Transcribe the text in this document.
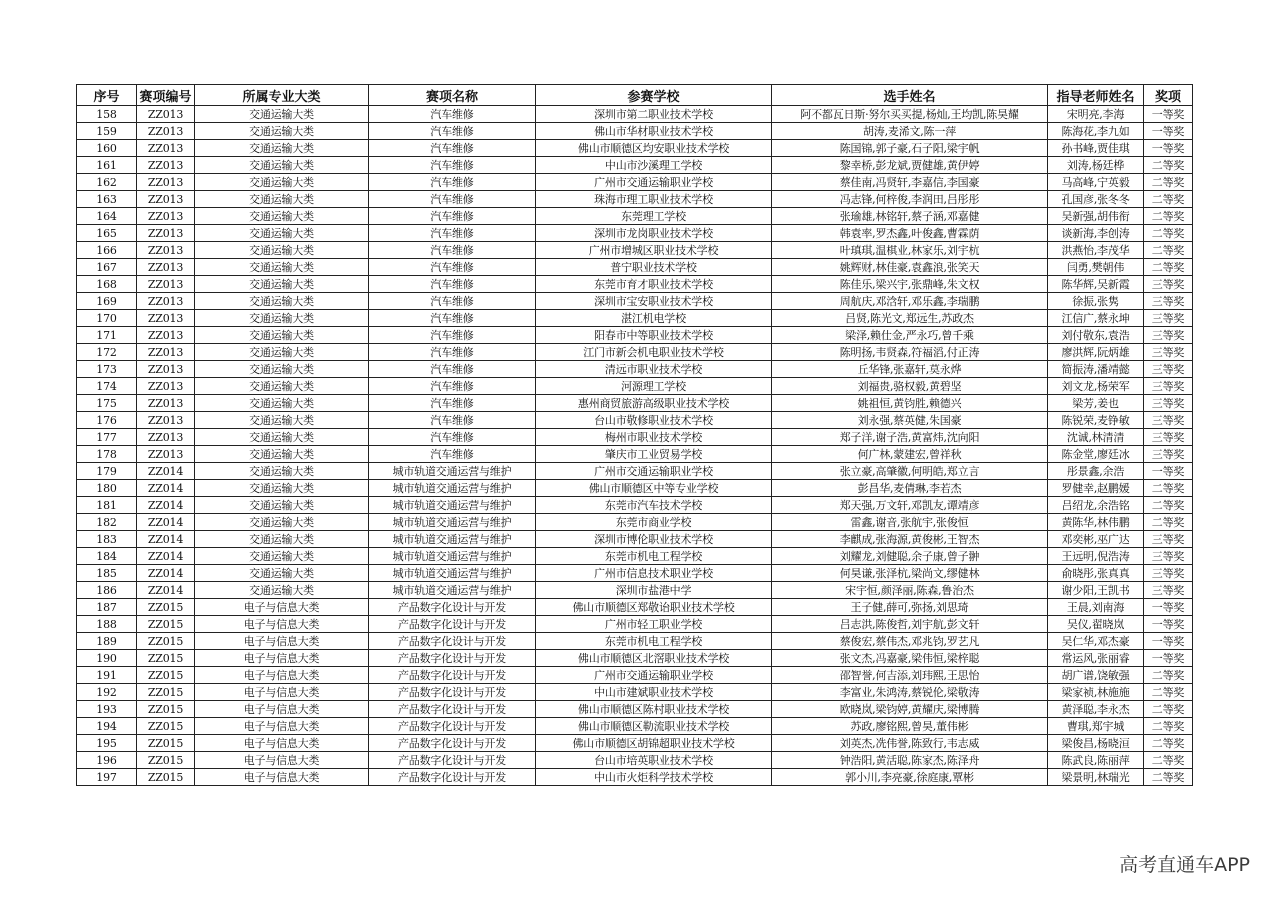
序号	赛项编号	所属专业大类	赛项名称	参赛学校	选手姓名	指导老师姓名	奖项
158	ZZ013	交通运输大类	汽车维修	深圳市第二职业技术学校	阿不都瓦日斯·努尔买买提,杨灿,王均凯,陈昊耀	宋明亮,李海	一等奖
159	ZZ013	交通运输大类	汽车维修	佛山市华材职业技术学校	胡涛,麦浠文,陈一萍	陈海花,李九如	一等奖
160	ZZ013	交通运输大类	汽车维修	佛山市顺德区均安职业技术学校	陈国锦,郭子豪,石子阳,梁宇帆	孙书峰,贾佳琪	一等奖
161	ZZ013	交通运输大类	汽车维修	中山市沙溪理工学校	黎幸桥,彭龙斌,贾健雄,黄伊婷	刘涛,杨廷桦	二等奖
162	ZZ013	交通运输大类	汽车维修	广州市交通运输职业学校	蔡佳南,冯贤轩,李嘉信,李国豪	马高峰,宁英毅	二等奖
163	ZZ013	交通运输大类	汽车维修	珠海市理工职业技术学校	冯志锋,何梓俊,李润田,吕彤彤	孔国彦,张冬冬	二等奖
164	ZZ013	交通运输大类	汽车维修	东莞理工学校	张瑜雄,林铭轩,蔡子涵,邓嘉健	吴新强,胡伟衔	二等奖
165	ZZ013	交通运输大类	汽车维修	深圳市龙岗职业技术学校	韩袁率,罗杰鑫,叶俊鑫,曹霖荫	谈新海,李创涛	二等奖
166	ZZ013	交通运输大类	汽车维修	广州市增城区职业技术学校	叶瑱琪,温棋业,林家乐,刘宇杭	洪燕怡,李茂华	二等奖
167	ZZ013	交通运输大类	汽车维修	普宁职业技术学校	姚辉财,林佳豪,袁鑫浪,张笑天	闫勇,樊朝伟	二等奖
168	ZZ013	交通运输大类	汽车维修	东莞市育才职业技术学校	陈佳乐,梁兴宇,张鼎峰,朱文权	陈华辉,吴新霞	三等奖
169	ZZ013	交通运输大类	汽车维修	深圳市宝安职业技术学校	周航庆,邓浛轩,邓乐鑫,李瑞鹏	徐振,张隽	三等奖
170	ZZ013	交通运输大类	汽车维修	湛江机电学校	吕贤,陈光文,郑远生,苏政杰	江信广,蔡永坤	三等奖
171	ZZ013	交通运输大类	汽车维修	阳春市中等职业技术学校	梁泽,赖仕金,严永巧,曾千乘	刘付敬东,袁浩	三等奖
172	ZZ013	交通运输大类	汽车维修	江门市新会机电职业技术学校	陈明扬,韦贤森,符福滔,付正涛	廖洪辉,阮炳雄	三等奖
173	ZZ013	交通运输大类	汽车维修	清远市职业技术学校	丘华锋,张嘉轩,莫永烨	简振涛,潘靖懿	三等奖
174	ZZ013	交通运输大类	汽车维修	河源理工学校	刘福贵,骆权毅,黄碧坚	刘文龙,杨荣军	三等奖
175	ZZ013	交通运输大类	汽车维修	惠州商贸旅游高级职业技术学校	姚祖恒,黄钧胜,赖德兴	梁芳,姜也	三等奖
176	ZZ013	交通运输大类	汽车维修	台山市敬修职业技术学校	刘永强,蔡英健,朱国豪	陈锐荣,麦铮敏	三等奖
177	ZZ013	交通运输大类	汽车维修	梅州市职业技术学校	郑子洋,谢子浩,黄富炜,沈向阳	沈诚,林清清	三等奖
178	ZZ013	交通运输大类	汽车维修	肇庆市工业贸易学校	何广林,蒙建宏,曾祥秋	陈金堂,廖廷冰	三等奖
179	ZZ014	交通运输大类	城市轨道交通运营与维护	广州市交通运输职业学校	张立豪,高肇徽,何明皓,郑立言	彤景鑫,余浩	一等奖
180	ZZ014	交通运输大类	城市轨道交通运营与维护	佛山市顺德区中等专业学校	彭昌华,麦倩琳,李若杰	罗健幸,赵鹏媛	二等奖
181	ZZ014	交通运输大类	城市轨道交通运营与维护	东莞市汽车技术学校	郑天强,万文轩,邓凯友,谭靖彦	吕绍龙,余浩铭	二等奖
182	ZZ014	交通运输大类	城市轨道交通运营与维护	东莞市商业学校	雷鑫,谢音,张航宇,张俊恒	黄陈华,林伟鹏	二等奖
183	ZZ014	交通运输大类	城市轨道交通运营与维护	深圳市博伦职业技术学校	李麒成,张海源,黄俊彬,王智杰	邓奕彬,巫广达	三等奖
184	ZZ014	交通运输大类	城市轨道交通运营与维护	东莞市机电工程学校	刘耀龙,刘健聪,余子康,曾子翀	王远明,倪浩涛	三等奖
185	ZZ014	交通运输大类	城市轨道交通运营与维护	广州市信息技术职业学校	何昊谦,张泽杭,梁尚文,缪健林	俞晓彤,张真真	三等奖
186	ZZ014	交通运输大类	城市轨道交通运营与维护	深圳市盐港中学	宋宇恒,颜泽丽,陈森,鲁治杰	谢少阳,王凯书	三等奖
187	ZZ015	电子与信息大类	产品数字化设计与开发	佛山市顺德区郑敬诒职业技术学校	王子健,薛可,弥扬,刘思琦	王晨,刘南海	一等奖
188	ZZ015	电子与信息大类	产品数字化设计与开发	广州市轻工职业学校	吕志洪,陈俊哲,刘宇航,彭文轩	吴仪,翟晓岚	一等奖
189	ZZ015	电子与信息大类	产品数字化设计与开发	东莞市机电工程学校	蔡俊宏,蔡伟杰,邓兆钧,罗艺凡	吴仁华,邓杰豪	一等奖
190	ZZ015	电子与信息大类	产品数字化设计与开发	佛山市顺德区北滘职业技术学校	张文杰,冯嘉豪,梁伟恒,梁梓聪	常运风,张丽睿	一等奖
191	ZZ015	电子与信息大类	产品数字化设计与开发	广州市交通运输职业学校	邵智誉,何吉添,刘玮熙,王思怡	胡广谱,饶敏强	二等奖
192	ZZ015	电子与信息大类	产品数字化设计与开发	中山市建斌职业技术学校	李富业,朱鸿涛,蔡锐伦,梁敬涛	梁家祯,林施施	二等奖
193	ZZ015	电子与信息大类	产品数字化设计与开发	佛山市顺德区陈村职业技术学校	欧晓岚,梁钧婷,黄耀庆,梁博腾	黄泽聪,李永杰	二等奖
194	ZZ015	电子与信息大类	产品数字化设计与开发	佛山市顺德区勒流职业技术学校	苏政,廖铭熙,曾昊,董伟彬	曹琪,郑宇城	二等奖
195	ZZ015	电子与信息大类	产品数字化设计与开发	佛山市顺德区胡锦超职业技术学校	刘英杰,冼伟誉,陈致行,韦志威	梁俊昌,杨晓洹	二等奖
196	ZZ015	电子与信息大类	产品数字化设计与开发	台山市培英职业技术学校	钟浩阳,黄活聪,陈家杰,陈泽舟	陈武良,陈丽萍	二等奖
197	ZZ015	电子与信息大类	产品数字化设计与开发	中山市火炬科学技术学校	郭小川,李亮豪,徐庭康,覃彬	梁景明,林瑞光	二等奖
高考直通车APP
